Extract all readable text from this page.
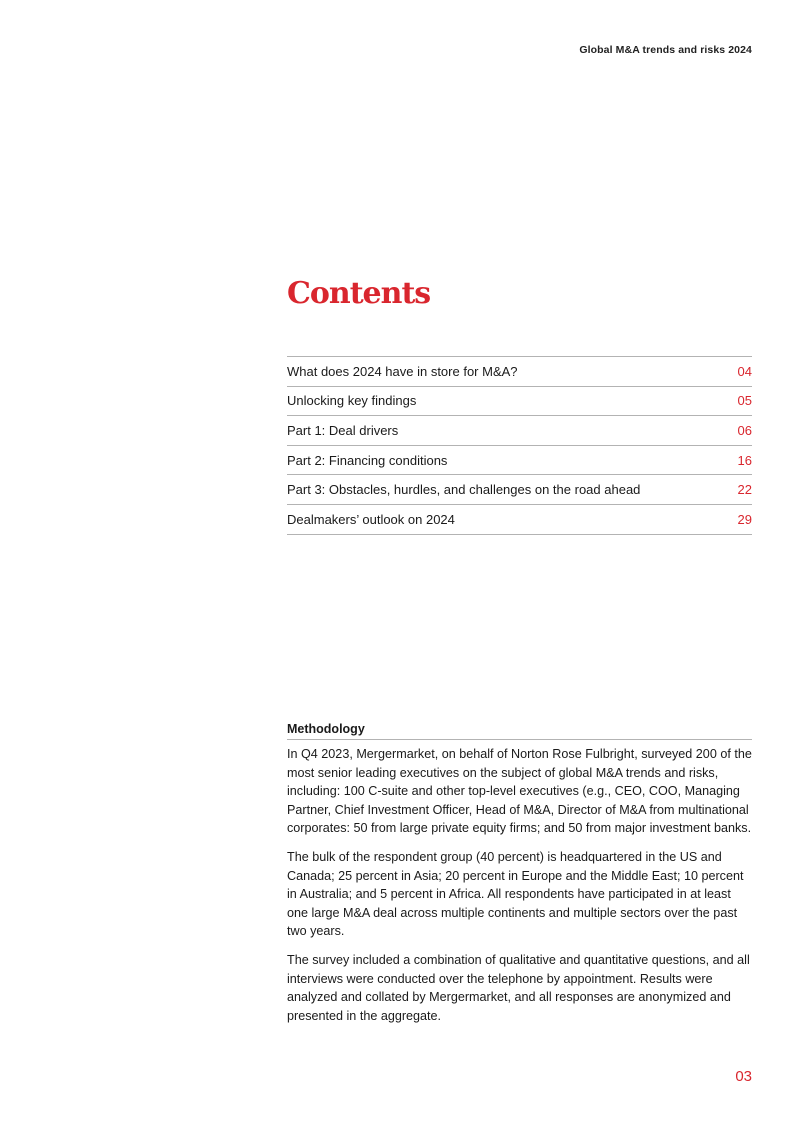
Global M&A trends and risks 2024
Contents
What does 2024 have in store for M&A?	04
Unlocking key findings	05
Part 1: Deal drivers	06
Part 2: Financing conditions	16
Part 3: Obstacles, hurdles, and challenges on the road ahead	22
Dealmakers’ outlook on 2024	29
Methodology

In Q4 2023, Mergermarket, on behalf of Norton Rose Fulbright, surveyed 200 of the most senior leading executives on the subject of global M&A trends and risks, including: 100 C-suite and other top-level executives (e.g., CEO, COO, Managing Partner, Chief Investment Officer, Head of M&A, Director of M&A from multinational corporates: 50 from large private equity firms; and 50 from major investment banks.

The bulk of the respondent group (40 percent) is headquartered in the US and Canada; 25 percent in Asia; 20 percent in Europe and the Middle East; 10 percent in Australia; and 5 percent in Africa. All respondents have participated in at least one large M&A deal across multiple continents and multiple sectors over the past two years.

The survey included a combination of qualitative and quantitative questions, and all interviews were conducted over the telephone by appointment. Results were analyzed and collated by Mergermarket, and all responses are anonymized and presented in the aggregate.

03
